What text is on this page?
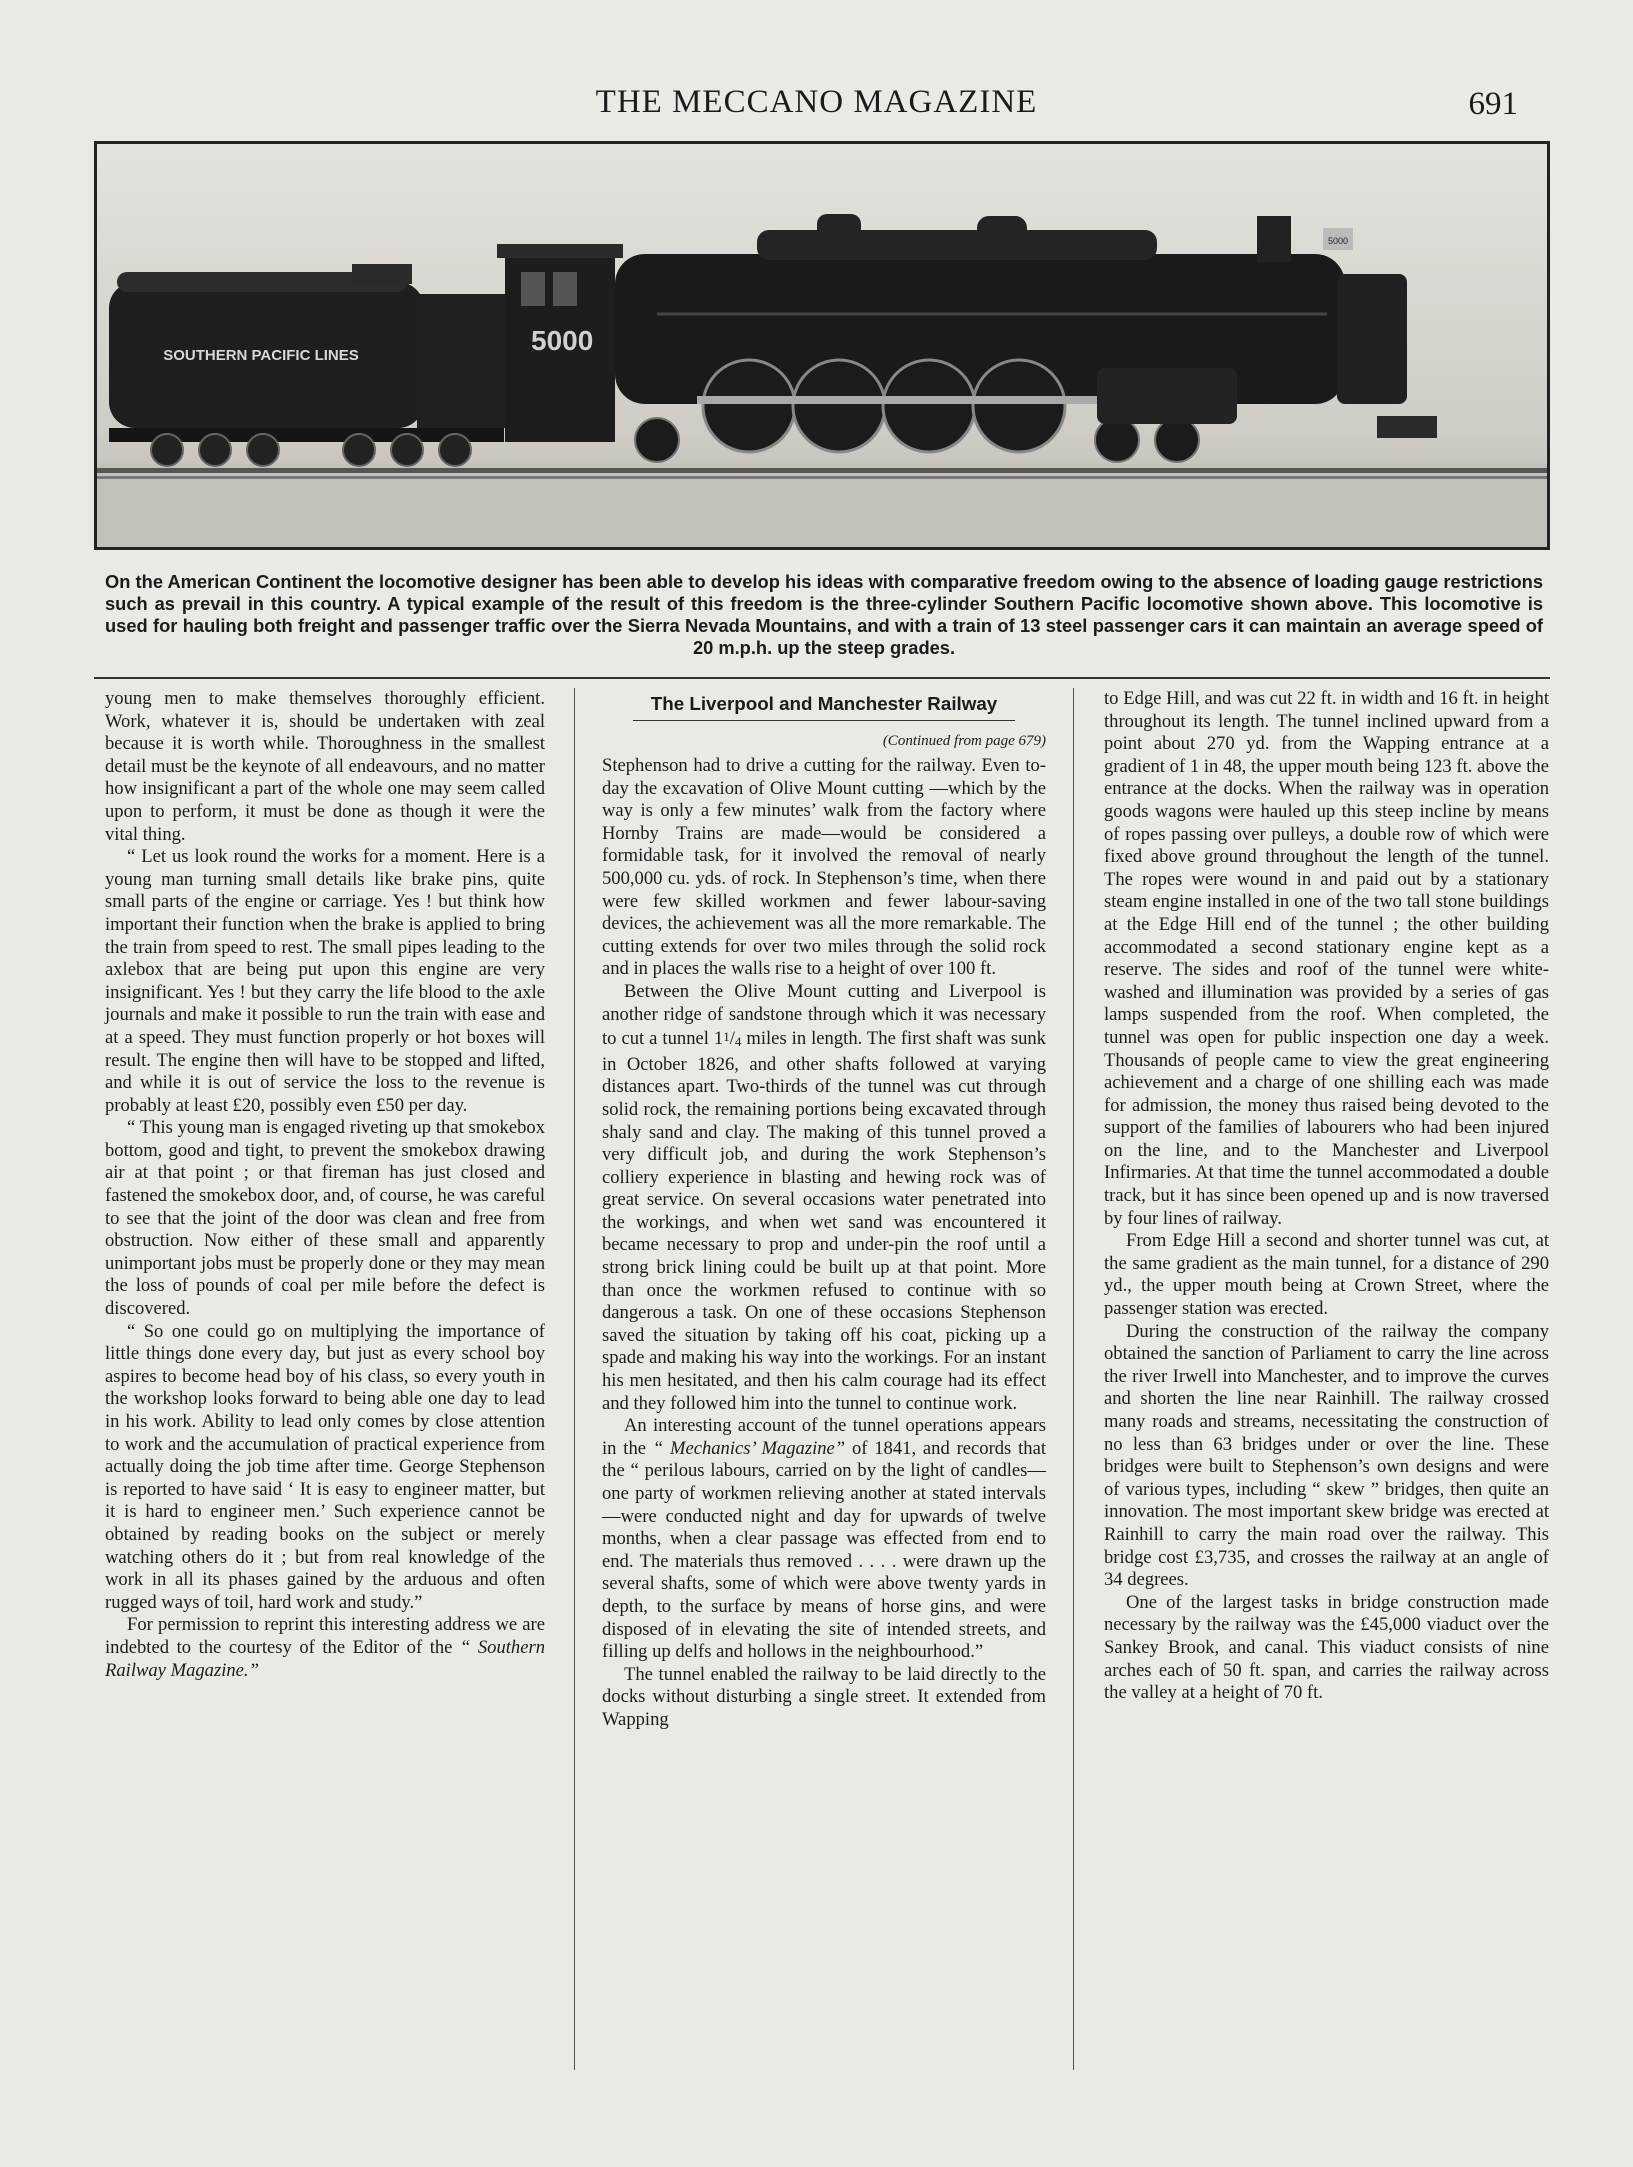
THE MECCANO MAGAZINE	691
SOUTHERN PACIFIC LINES	5000
5000
On the American Continent the locomotive designer has been able to develop his ideas with comparative freedom owing to the absence of loading gauge restrictions such as prevail in this country. A typical example of the result of this freedom is the three-cylinder Southern Pacific locomotive shown above. This locomotive is used for hauling both freight and passenger traffic over the Sierra Nevada Mountains, and with a train of 13 steel passenger cars it can maintain an average speed of 20 m.p.h. up the steep grades.

young men to make themselves thoroughly efficient. Work, whatever it is, should be undertaken with zeal because it is worth while. Thoroughness in the smallest detail must be the keynote of all endeavours, and no matter how insignificant a part of the whole one may seem called upon to perform, it must be done as though it were the vital thing.

“ Let us look round the works for a moment. Here is a young man turning small details like brake pins, quite small parts of the engine or carriage. Yes ! but think how important their function when the brake is applied to bring the train from speed to rest. The small pipes leading to the axlebox that are being put upon this engine are very insignificant. Yes ! but they carry the life blood to the axle journals and make it possible to run the train with ease and at a speed. They must function properly or hot boxes will result. The engine then will have to be stopped and lifted, and while it is out of service the loss to the revenue is probably at least £20, possibly even £50 per day.

“ This young man is engaged riveting up that smokebox bottom, good and tight, to prevent the smokebox drawing air at that point ; or that fireman has just closed and fastened the smokebox door, and, of course, he was careful to see that the joint of the door was clean and free from obstruction. Now either of these small and apparently unimportant jobs must be properly done or they may mean the loss of pounds of coal per mile before the defect is discovered.

“ So one could go on multiplying the importance of little things done every day, but just as every school boy aspires to become head boy of his class, so every youth in the workshop looks forward to being able one day to lead in his work. Ability to lead only comes by close attention to work and the accumulation of practical experience from actually doing the job time after time. George Stephenson is reported to have said ‘ It is easy to engineer matter, but it is hard to engineer men.’ Such experience cannot be obtained by reading books on the subject or merely watching others do it ; but from real knowledge of the work in all its phases gained by the arduous and often rugged ways of toil, hard work and study.”

For permission to reprint this interesting address we are indebted to the courtesy of the Editor of the “ Southern Railway Magazine.”

The Liverpool and Manchester Railway
(Continued from page 679)

Stephenson had to drive a cutting for the railway. Even to-day the excavation of Olive Mount cutting —which by the way is only a few minutes’ walk from the factory where Hornby Trains are made—would be considered a formidable task, for it involved the removal of nearly 500,000 cu. yds. of rock. In Stephenson’s time, when there were few skilled workmen and fewer labour-saving devices, the achievement was all the more remarkable. The cutting extends for over two miles through the solid rock and in places the walls rise to a height of over 100 ft.

Between the Olive Mount cutting and Liverpool is another ridge of sandstone through which it was necessary to cut a tunnel $1^1/_4$ miles in length. The first shaft was sunk in October 1826, and other shafts followed at varying distances apart. Two-thirds of the tunnel was cut through solid rock, the remaining portions being excavated through shaly sand and clay. The making of this tunnel proved a very difficult job, and during the work Stephenson’s colliery experience in blasting and hewing rock was of great service. On several occasions water penetrated into the workings, and when wet sand was encountered it became necessary to prop and under-pin the roof until a strong brick lining could be built up at that point. More than once the workmen refused to continue with so dangerous a task. On one of these occasions Stephenson saved the situation by taking off his coat, picking up a spade and making his way into the workings. For an instant his men hesitated, and then his calm courage had its effect and they followed him into the tunnel to continue work.

An interesting account of the tunnel operations appears in the “ Mechanics’ Magazine” of 1841, and records that the “ perilous labours, carried on by the light of candles—one party of workmen relieving another at stated intervals—were conducted night and day for upwards of twelve months, when a clear passage was effected from end to end. The materials thus removed . . . . were drawn up the several shafts, some of which were above twenty yards in depth, to the surface by means of horse gins, and were disposed of in elevating the site of intended streets, and filling up delfs and hollows in the neighbourhood.”

The tunnel enabled the railway to be laid directly to the docks without disturbing a single street. It extended from Wapping

to Edge Hill, and was cut 22 ft. in width and 16 ft. in height throughout its length. The tunnel inclined upward from a point about 270 yd. from the Wapping entrance at a gradient of 1 in 48, the upper mouth being 123 ft. above the entrance at the docks. When the railway was in operation goods wagons were hauled up this steep incline by means of ropes passing over pulleys, a double row of which were fixed above ground throughout the length of the tunnel. The ropes were wound in and paid out by a stationary steam engine installed in one of the two tall stone buildings at the Edge Hill end of the tunnel ; the other building accommodated a second stationary engine kept as a reserve. The sides and roof of the tunnel were white-washed and illumination was provided by a series of gas lamps suspended from the roof. When completed, the tunnel was open for public inspection one day a week. Thousands of people came to view the great engineering achievement and a charge of one shilling each was made for admission, the money thus raised being devoted to the support of the families of labourers who had been injured on the line, and to the Manchester and Liverpool Infirmaries. At that time the tunnel accommodated a double track, but it has since been opened up and is now traversed by four lines of railway.

From Edge Hill a second and shorter tunnel was cut, at the same gradient as the main tunnel, for a distance of 290 yd., the upper mouth being at Crown Street, where the passenger station was erected.

During the construction of the railway the company obtained the sanction of Parliament to carry the line across the river Irwell into Manchester, and to improve the curves and shorten the line near Rainhill. The railway crossed many roads and streams, necessitating the construction of no less than 63 bridges under or over the line. These bridges were built to Stephenson’s own designs and were of various types, including “ skew ” bridges, then quite an innovation. The most important skew bridge was erected at Rainhill to carry the main road over the railway. This bridge cost £3,735, and crosses the railway at an angle of 34 degrees.

One of the largest tasks in bridge construction made necessary by the railway was the £45,000 viaduct over the Sankey Brook, and canal. This viaduct consists of nine arches each of 50 ft. span, and carries the railway across the valley at a height of 70 ft.
